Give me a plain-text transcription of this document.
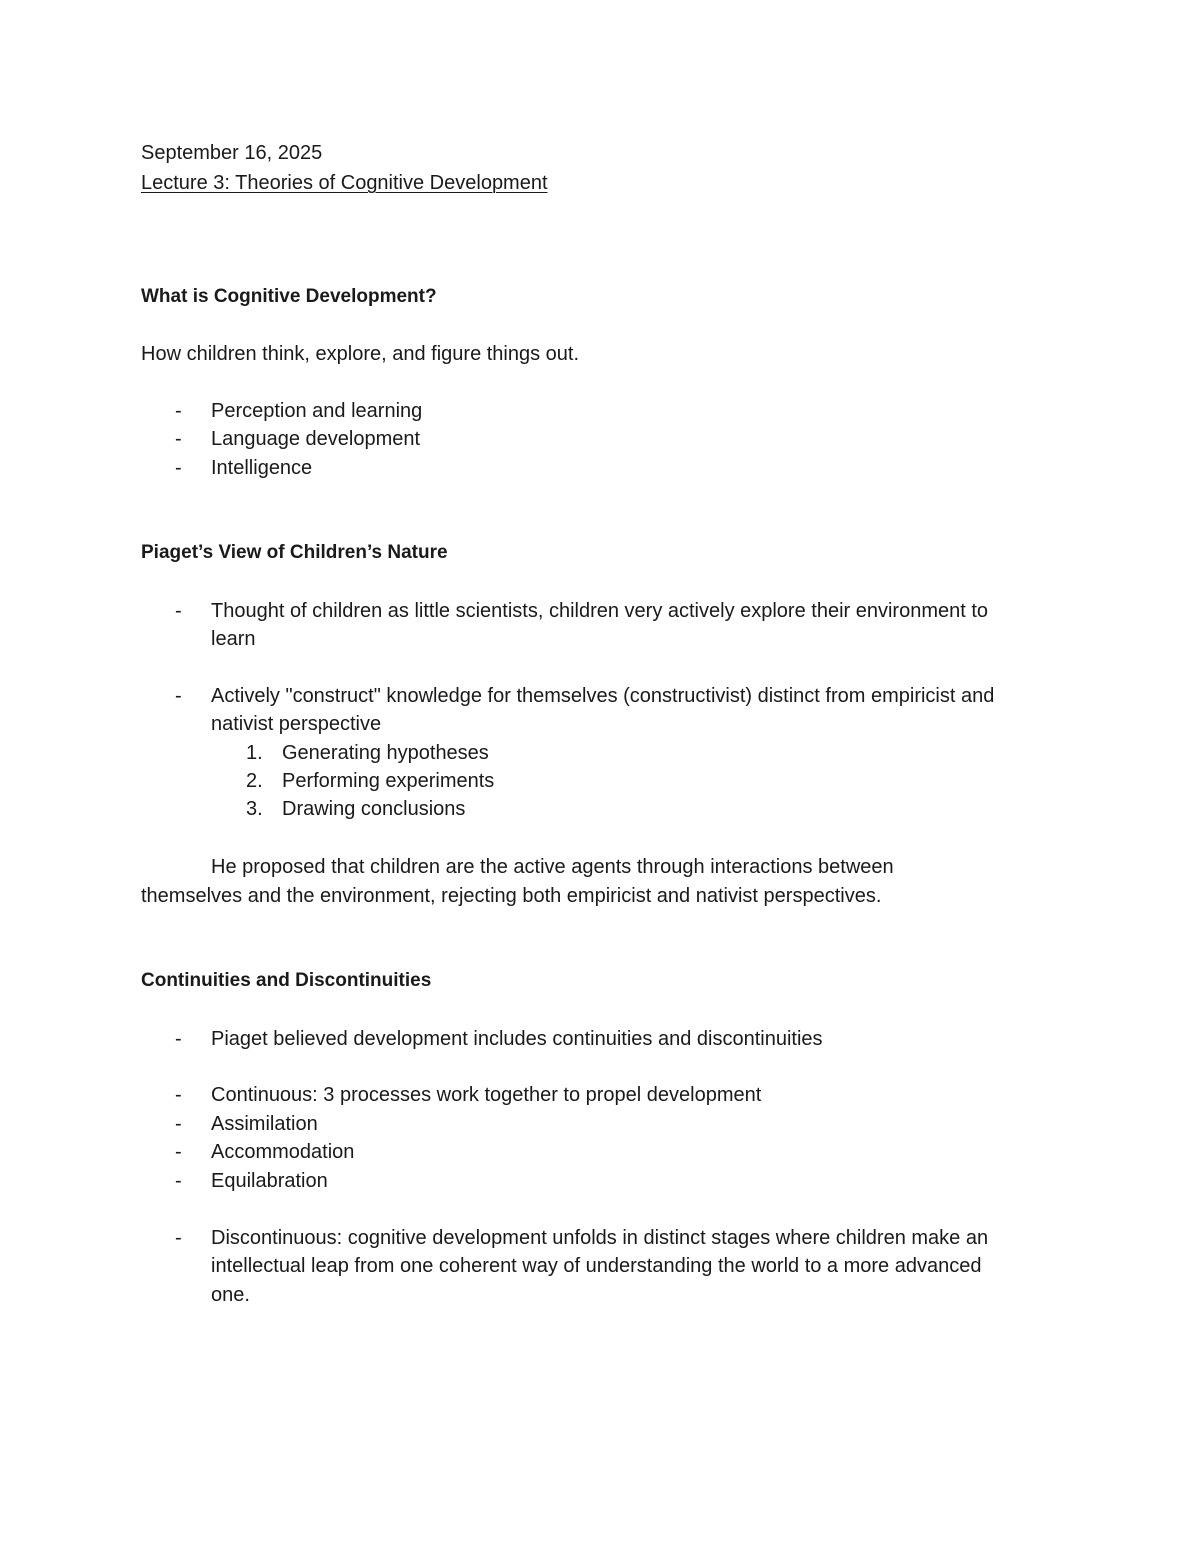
September 16, 2025
Lecture 3: Theories of Cognitive Development
What is Cognitive Development?
How children think, explore, and figure things out.
- Perception and learning
- Language development
- Intelligence
Piaget’s View of Children’s Nature
- Thought of children as little scientists, children very actively explore their environment to
learn
- Actively "construct" knowledge for themselves (constructivist) distinct from empiricist and
nativist perspective
1. Generating hypotheses
2. Performing experiments
3. Drawing conclusions
He proposed that children are the active agents through interactions between
themselves and the environment, rejecting both empiricist and nativist perspectives.
Continuities and Discontinuities
- Piaget believed development includes continuities and discontinuities
- Continuous: 3 processes work together to propel development
- Assimilation
- Accommodation
- Equilabration
- Discontinuous: cognitive development unfolds in distinct stages where children make an
intellectual leap from one coherent way of understanding the world to a more advanced
one.
